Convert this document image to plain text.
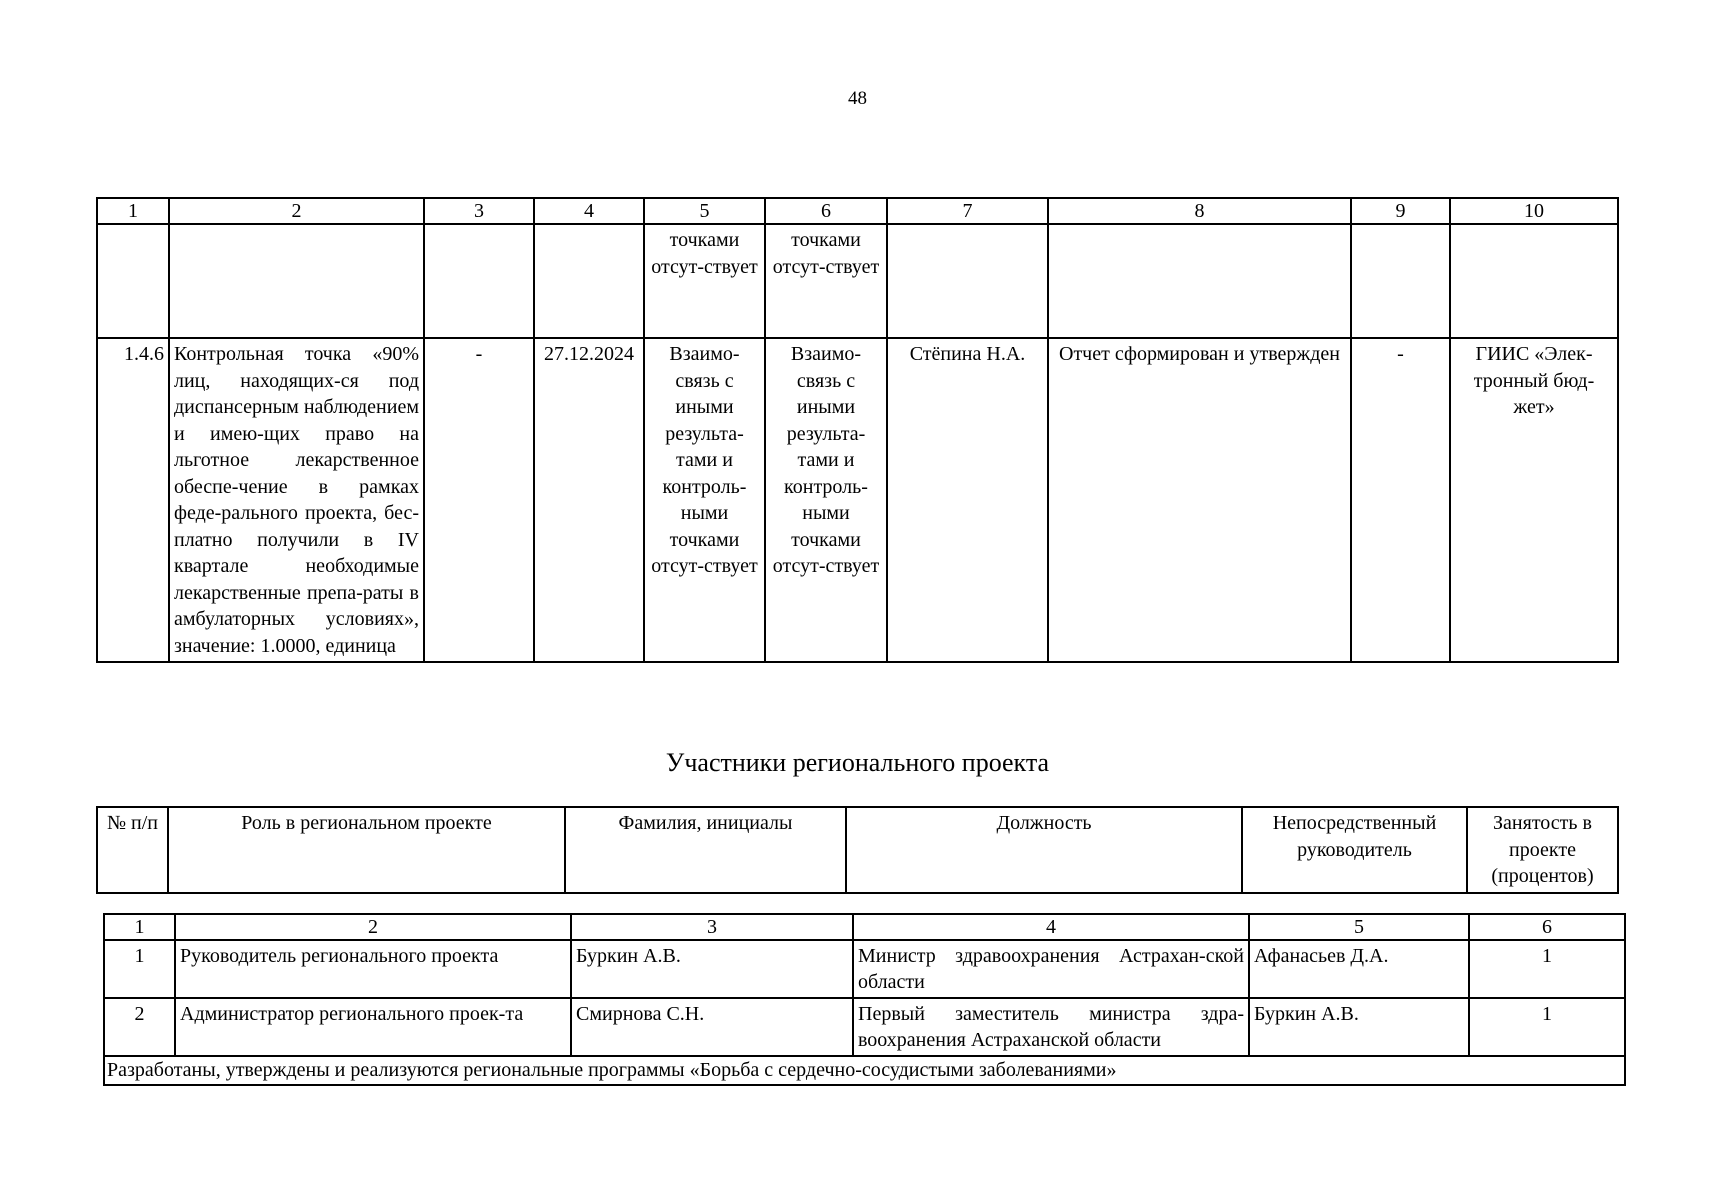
48
1	2	3	4	5	6	7	8	9	10
				точками отсут-ствует	точками отсут-ствует				
1.4.6	Контрольная точка «90% лиц, находящих-ся под диспансерным наблюдением и имею-щих право на льготное лекарственное обеспе-чение в рамках феде-рального проекта, бес-платно получили в IV квартале необходимые лекарственные препа-раты в амбулаторных условиях», значение: 1.0000, единица	-	27.12.2024	Взаимо-связь с иными результа-тами и контроль-ными точками отсут-ствует	Взаимо-связь с иными результа-тами и контроль-ными точками отсут-ствует	Стёпина Н.А.	Отчет сформирован и утвержден	-	ГИИС «Элек-тронный бюд-жет»
Участники регионального проекта
№ п/п	Роль в региональном проекте	Фамилия, инициалы	Должность	Непосредственный руководитель	Занятость в проекте (процентов)
1	2	3	4	5	6
1	Руководитель регионального проекта	Буркин А.В.	Министр здравоохранения Астрахан-ской области	Афанасьев Д.А.	1
2	Администратор регионального проек-та	Смирнова С.Н.	Первый заместитель министра здра-воохранения Астраханской области	Буркин А.В.	1
Разработаны, утверждены и реализуются региональные программы «Борьба с сердечно-сосудистыми заболеваниями»					
